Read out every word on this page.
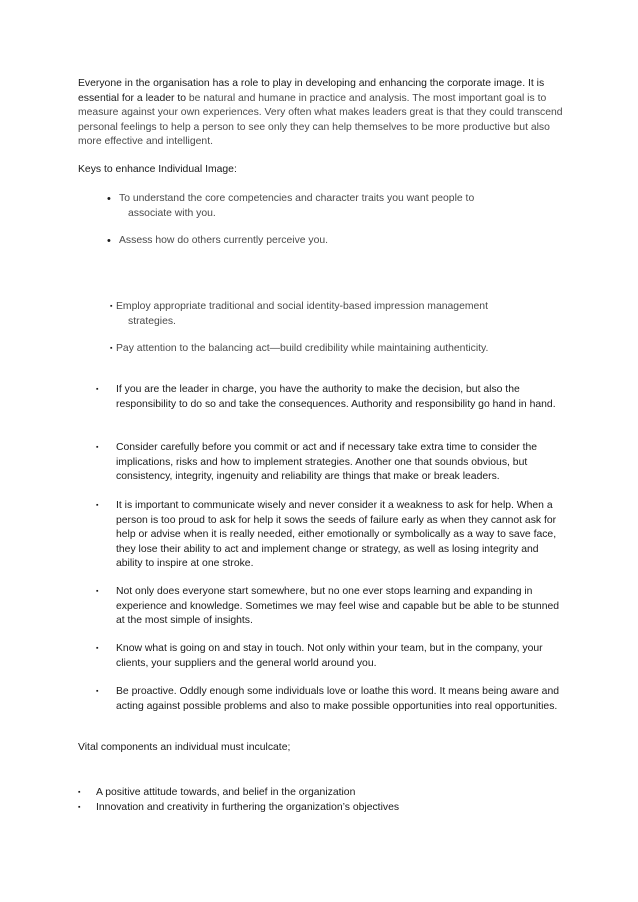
Everyone in the organisation has a role to play in developing and enhancing the corporate image. It is essential for a leader to be natural and humane in practice and analysis. The most important goal is to measure against your own experiences. Very often what makes leaders great is that they could transcend personal feelings to help a person to see only they can help themselves to be more productive but also more effective and intelligent.

Keys to enhance Individual Image:

• To understand the core competencies and character traits you want people to
associate with you.
• Assess how do others currently perceive you.
▪ Employ appropriate traditional and social identity-based impression management
strategies.
▪ Pay attention to the balancing act—build credibility while maintaining authenticity.
▪	If you are the leader in charge, you have the authority to make the decision, but also the responsibility to do so and take the consequences. Authority and responsibility go hand in hand.
▪	Consider carefully before you commit or act and if necessary take extra time to consider the implications, risks and how to implement strategies. Another one that sounds obvious, but consistency, integrity, ingenuity and reliability are things that make or break leaders.
▪	It is important to communicate wisely and never consider it a weakness to ask for help. When a person is too proud to ask for help it sows the seeds of failure early as when they cannot ask for help or advise when it is really needed, either emotionally or symbolically as a way to save face, they lose their ability to act and implement change or strategy, as well as losing integrity and ability to inspire at one stroke.
▪	Not only does everyone start somewhere, but no one ever stops learning and expanding in experience and knowledge. Sometimes we may feel wise and capable but be able to be stunned at the most simple of insights.
▪	Know what is going on and stay in touch. Not only within your team, but in the company, your clients, your suppliers and the general world around you.
▪	Be proactive. Oddly enough some individuals love or loathe this word. It means being aware and acting against possible problems and also to make possible opportunities into real opportunities.

Vital components an individual must inculcate;

▪	A positive attitude towards, and belief in the organization
▪	Innovation and creativity in furthering the organization’s objectives
